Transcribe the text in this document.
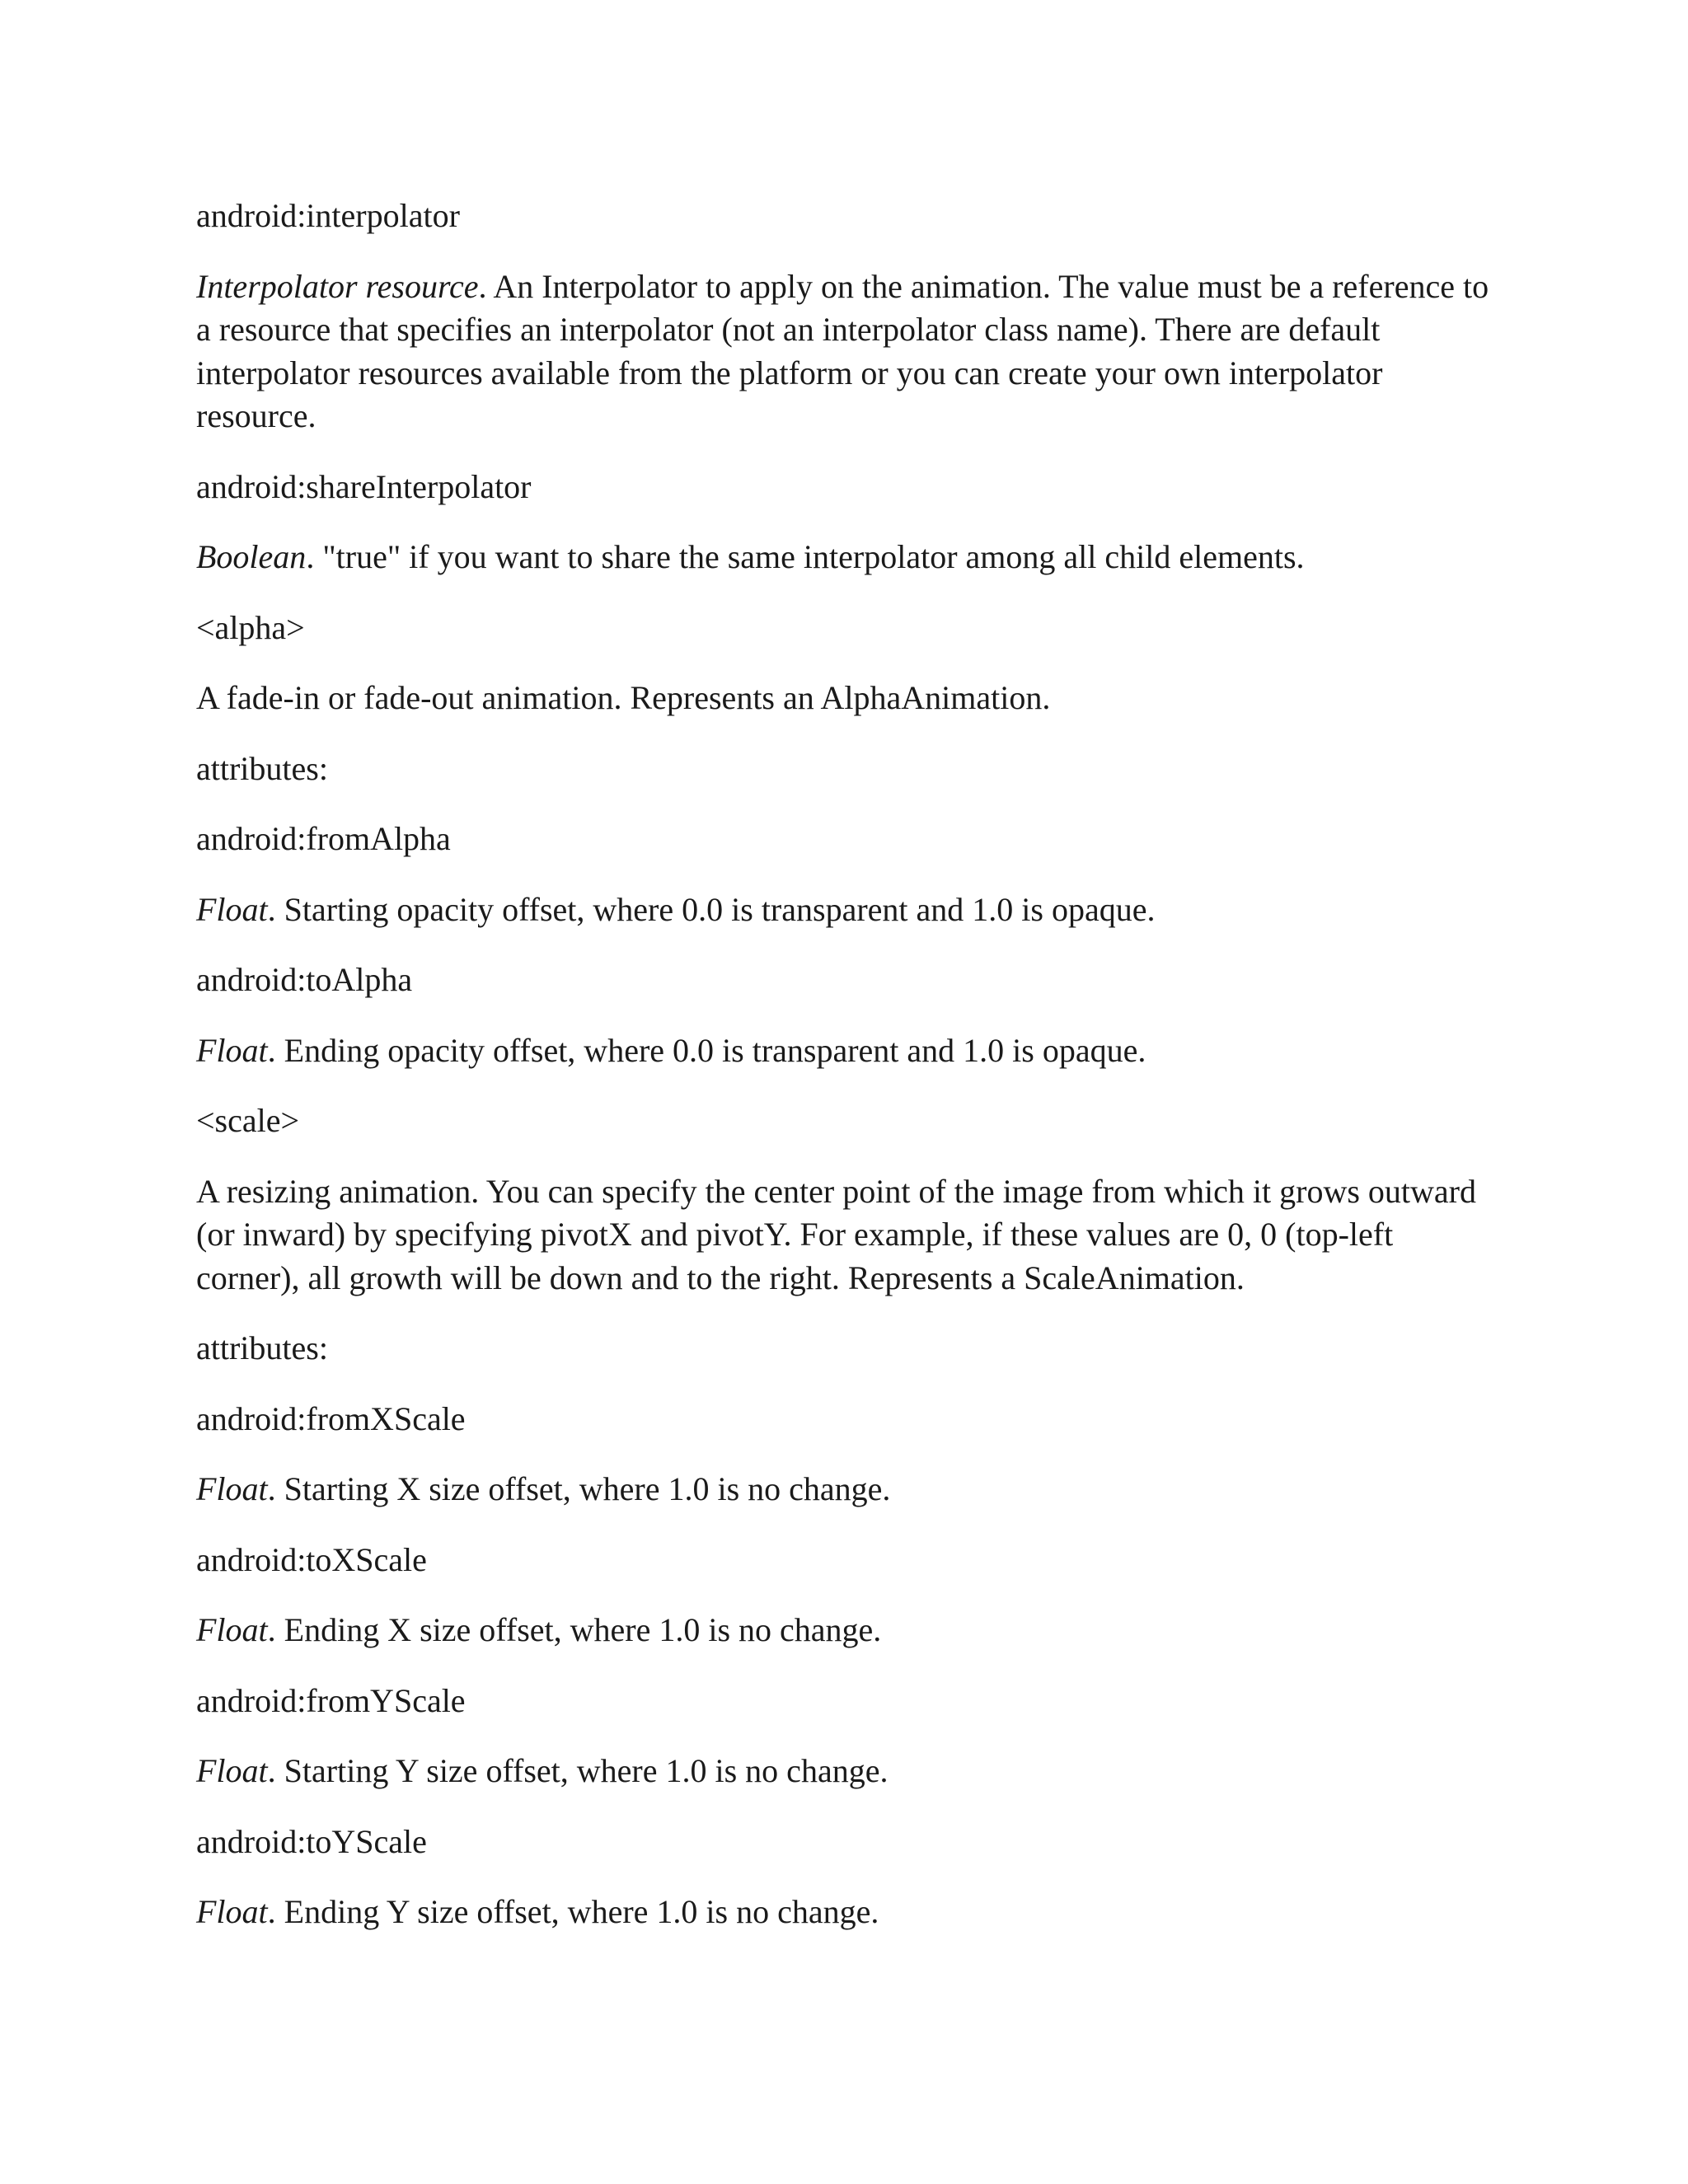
android:interpolator

Interpolator resource. An Interpolator to apply on the animation. The value must be a reference to a resource that specifies an interpolator (not an interpolator class name). There are default interpolator resources available from the platform or you can create your own interpolator resource.

android:shareInterpolator

Boolean. "true" if you want to share the same interpolator among all child elements.

<alpha>

A fade-in or fade-out animation. Represents an AlphaAnimation.

attributes:

android:fromAlpha

Float. Starting opacity offset, where 0.0 is transparent and 1.0 is opaque.

android:toAlpha

Float. Ending opacity offset, where 0.0 is transparent and 1.0 is opaque.

<scale>

A resizing animation. You can specify the center point of the image from which it grows outward (or inward) by specifying pivotX and pivotY. For example, if these values are 0, 0 (top-left corner), all growth will be down and to the right. Represents a ScaleAnimation.

attributes:

android:fromXScale

Float. Starting X size offset, where 1.0 is no change.

android:toXScale

Float. Ending X size offset, where 1.0 is no change.

android:fromYScale

Float. Starting Y size offset, where 1.0 is no change.

android:toYScale

Float. Ending Y size offset, where 1.0 is no change.
